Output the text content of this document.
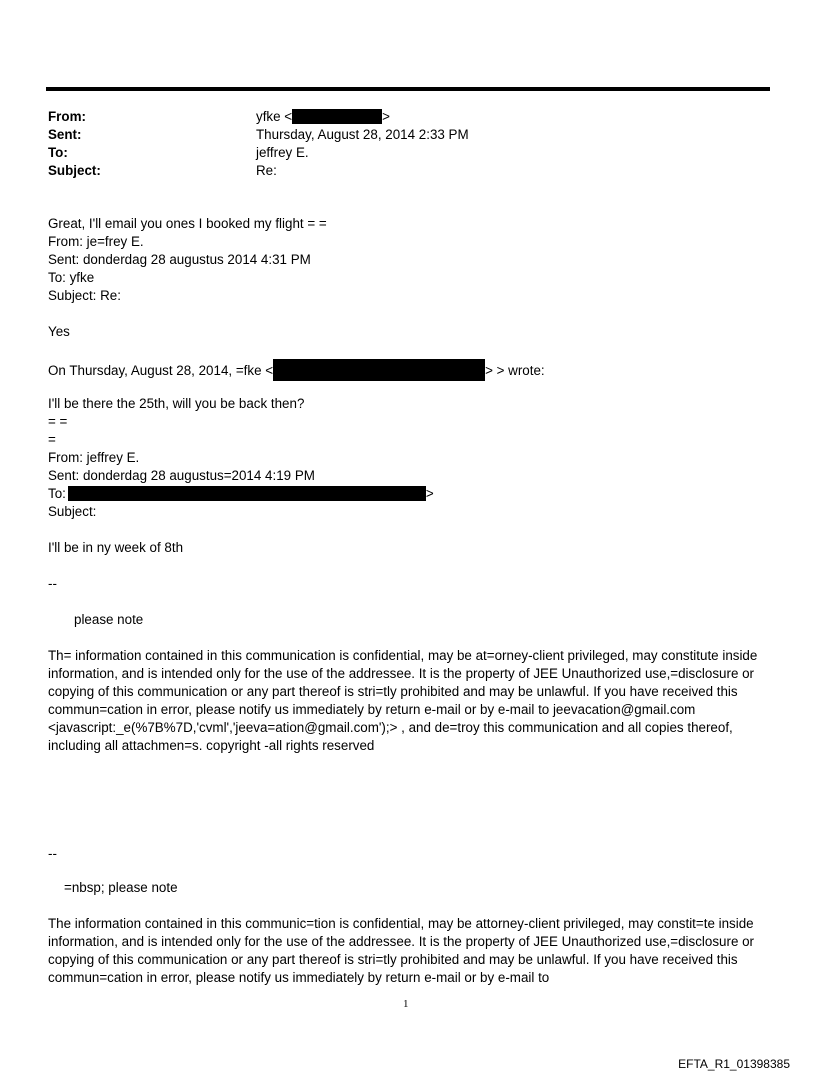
From:	yfke <	>
Sent:	Thursday, August 28, 2014 2:33 PM
To:	jeffrey E.
Subject:	Re:
Great, I'll email you ones I booked my flight = =
From: je=frey E.
Sent: donderdag 28 augustus 2014 4:31 PM
To: yfke
Subject: Re:
Yes
On Thursday, August 28, 2014, =fke <	> > wrote:
I'll be there the 25th, will you be back then?
= =
=
From: jeffrey E.
Sent: donderdag 28 augustus=2014 4:19 PM
To:	>
Subject:
I'll be in ny week of 8th
--
please note
Th= information contained in this communication is confidential, may be at=orney-client privileged, may constitute inside information, and is intended only for the use of the addressee. It is the property of JEE Unauthorized use,=disclosure or copying of this communication or any part thereof is stri=tly prohibited and may be unlawful. If you have received this commun=cation in error, please notify us immediately by return e-mail or by e-mail to jeevacation@gmail.com <javascript:_e(%7B%7D,'cvml','jeeva=ation@gmail.com');> , and de=troy this communication and all copies thereof, including all attachmen=s. copyright -all rights reserved
--
=nbsp; please note
The information contained in this communic=tion is confidential, may be attorney-client privileged, may constit=te inside information, and is intended only for the use of the addressee. It is the property of JEE Unauthorized use,=disclosure or copying of this communication or any part thereof is stri=tly prohibited and may be unlawful. If you have received this commun=cation in error, please notify us immediately by return e-mail or by e-mail to
1
EFTA_R1_01398385
